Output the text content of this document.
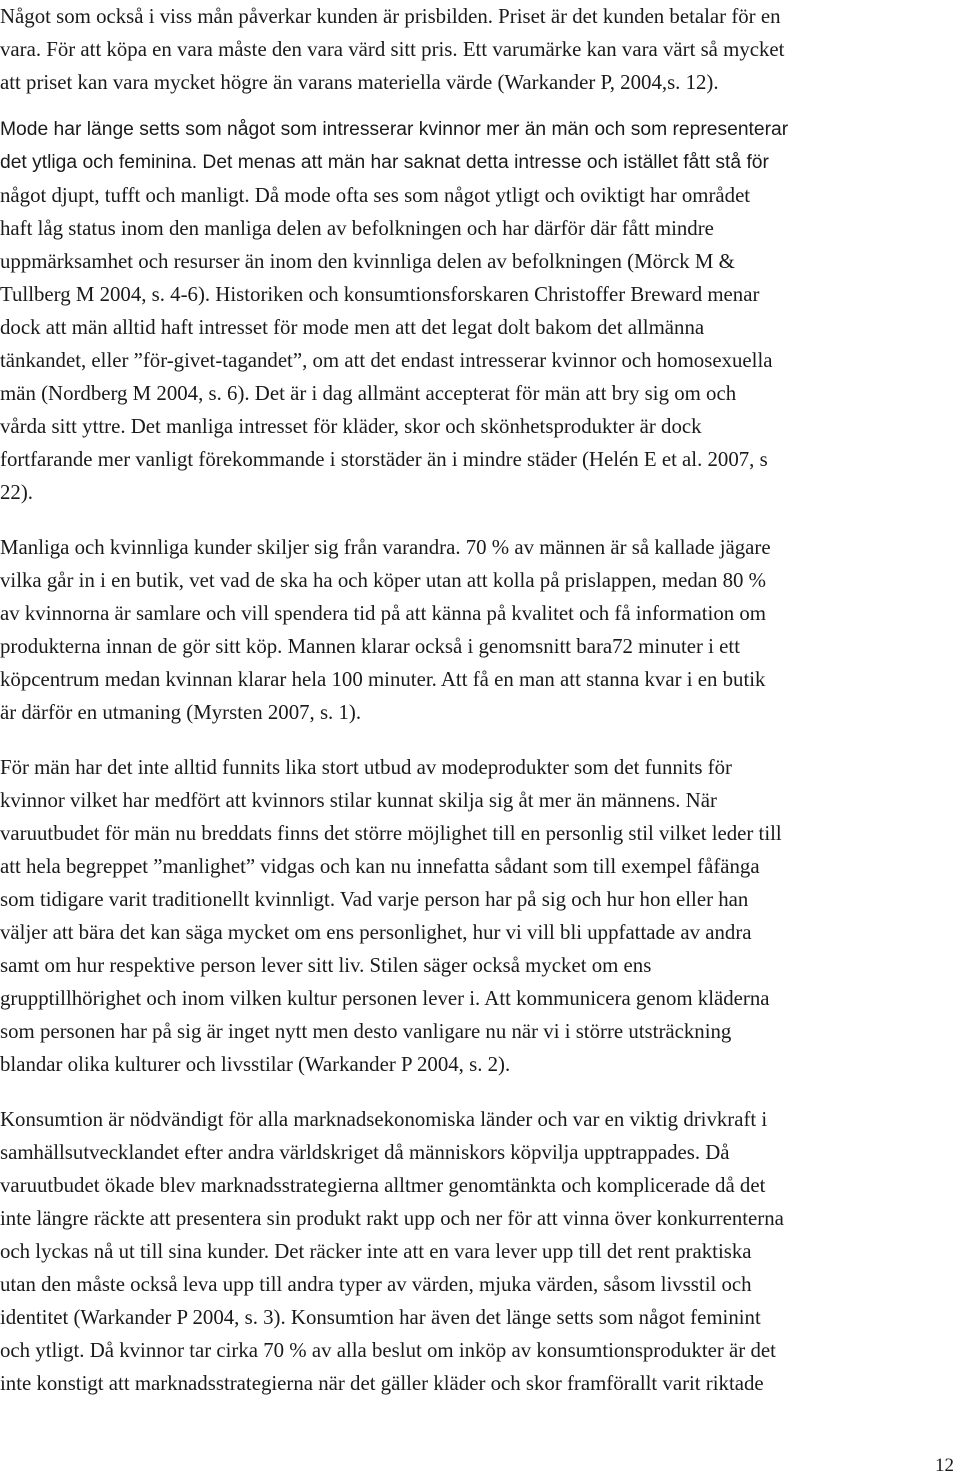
Något som också i viss mån påverkar kunden är prisbilden. Priset är det kunden betalar för en
vara. För att köpa en vara måste den vara värd sitt pris. Ett varumärke kan vara värt så mycket
att priset kan vara mycket högre än varans materiella värde (Warkander P, 2004,s. 12).
Mode har länge setts som något som intresserar kvinnor mer än män och som representerar
det ytliga och feminina. Det menas att män har saknat detta intresse och istället fått stå för
något djupt, tufft och manligt. Då mode ofta ses som något ytligt och oviktigt har området
haft låg status inom den manliga delen av befolkningen och har därför där fått mindre
uppmärksamhet och resurser än inom den kvinnliga delen av befolkningen (Mörck M &
Tullberg M 2004, s. 4-6). Historiken och konsumtionsforskaren Christoffer Breward menar
dock att män alltid haft intresset för mode men att det legat dolt bakom det allmänna
tänkandet, eller ”för-givet-tagandet”, om att det endast intresserar kvinnor och homosexuella
män (Nordberg M 2004, s. 6). Det är i dag allmänt accepterat för män att bry sig om och
vårda sitt yttre. Det manliga intresset för kläder, skor och skönhetsprodukter är dock
fortfarande mer vanligt förekommande i storstäder än i mindre städer (Helén E et al. 2007, s
22).
Manliga och kvinnliga kunder skiljer sig från varandra. 70 % av männen är så kallade jägare
vilka går in i en butik, vet vad de ska ha och köper utan att kolla på prislappen, medan 80 %
av kvinnorna är samlare och vill spendera tid på att känna på kvalitet och få information om
produkterna innan de gör sitt köp. Mannen klarar också i genomsnitt bara72 minuter i ett
köpcentrum medan kvinnan klarar hela 100 minuter. Att få en man att stanna kvar i en butik
är därför en utmaning (Myrsten 2007, s. 1).
För män har det inte alltid funnits lika stort utbud av modeprodukter som det funnits för
kvinnor vilket har medfört att kvinnors stilar kunnat skilja sig åt mer än männens. När
varuutbudet för män nu breddats finns det större möjlighet till en personlig stil vilket leder till
att hela begreppet ”manlighet” vidgas och kan nu innefatta sådant som till exempel fåfänga
som tidigare varit traditionellt kvinnligt. Vad varje person har på sig och hur hon eller han
väljer att bära det kan säga mycket om ens personlighet, hur vi vill bli uppfattade av andra
samt om hur respektive person lever sitt liv. Stilen säger också mycket om ens
grupptillhörighet och inom vilken kultur personen lever i. Att kommunicera genom kläderna
som personen har på sig är inget nytt men desto vanligare nu när vi i större utsträckning
blandar olika kulturer och livsstilar (Warkander P 2004, s. 2).
Konsumtion är nödvändigt för alla marknadsekonomiska länder och var en viktig drivkraft i
samhällsutvecklandet efter andra världskriget då människors köpvilja upptrappades. Då
varuutbudet ökade blev marknadsstrategierna alltmer genomtänkta och komplicerade då det
inte längre räckte att presentera sin produkt rakt upp och ner för att vinna över konkurrenterna
och lyckas nå ut till sina kunder. Det räcker inte att en vara lever upp till det rent praktiska
utan den måste också leva upp till andra typer av värden, mjuka värden, såsom livsstil och
identitet (Warkander P 2004, s. 3). Konsumtion har även det länge setts som något feminint
och ytligt. Då kvinnor tar cirka 70 % av alla beslut om inköp av konsumtionsprodukter är det
inte konstigt att marknadsstrategierna när det gäller kläder och skor framförallt varit riktade
12
